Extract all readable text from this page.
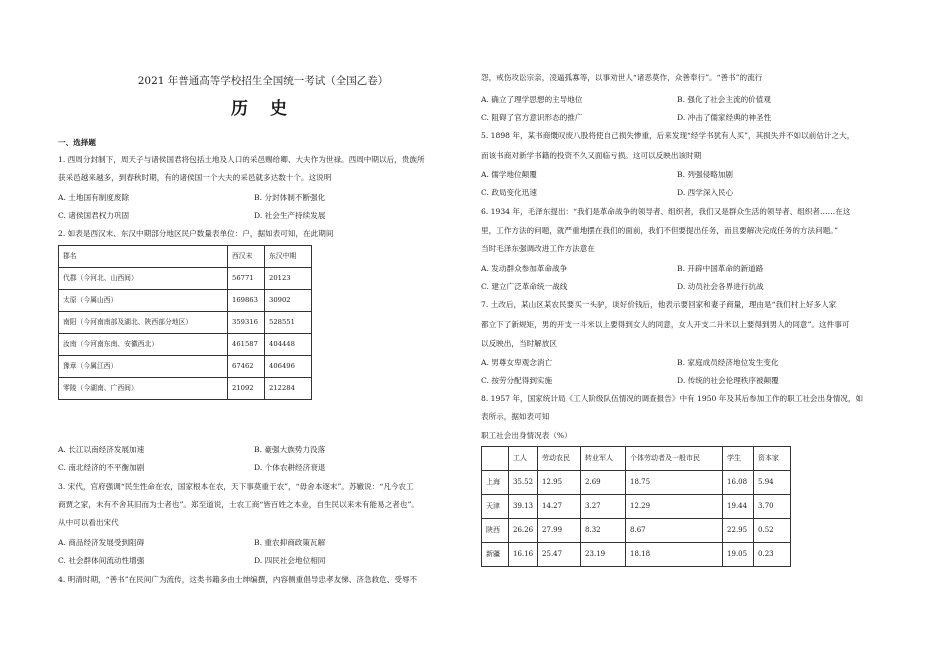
2021 年普通高等学校招生全国统一考试（全国乙卷）
历 史
一、选择题
1. 西周分封制下，周天子与诸侯国君将包括土地及人口的采邑赐给卿、大夫作为世禄。西周中期以后，贵族所
获采邑越来越多，到春秋时期，有的诸侯国一个大夫的采邑就多达数十个。这说明
A. 土地国有制度废除	B. 分封体制不断强化
C. 诸侯国君权力巩固	D. 社会生产持续发展
2. 如表是西汉末、东汉中期部分地区民户数量表单位：户，据如表可知，在此期间
郡名	西汉末	东汉中期
代郡（今河北、山西间）	56771	20123
太原（今属山西）	169863	30902
南阳（今河南南部及湖北、陕西部分地区）	359316	528551
汝南（今河南东南、安徽西北）	461587	404448
豫章（今属江西）	67462	406496
零陵（今湖南、广西间）	21092	212284
A. 长江以南经济发展加速	B. 豪强大族势力没落
C. 南北经济的不平衡加剧	D. 个体农耕经济衰退
3. 宋代，官府强调“民生性命在农，国家根本在农，天下事莫重于农”，“毋舍本逐末”。苏辙说：“凡今农工
商贾之家，未有不舍其旧而为士者也”。郑至道说，士农工商“皆百姓之本业，自生民以来未有能易之者也”。
从中可以看出宋代
A. 商品经济发展受到阻碍	B. 重农抑商政策瓦解
C. 社会群体间流动性增强	D. 四民社会地位相同
4. 明清时期，“善书”在民间广为流传，这类书籍多由士绅编撰，内容侧重倡导忠孝友悌、济急救危、受辱不
怨，戒伤攻讼宗亲，凌逼孤寡等，以事劝世人“诸恶莫作，众善奉行”。“善书”的流行
A. 确立了理学思想的主导地位	B. 强化了社会主流的价值观
C. 阻碍了官方意识形态的推广	D. 冲击了儒家经典的神圣性
5. 1898 年，某书商慨叹废八股将使自己损失惨重，后来发现“经学书犹有人买”，其损失并不如以前估计之大，
而该书商对新学书籍的投资不久又面临亏损。这可以反映出该时期
A. 儒学地位颠覆	B. 列强侵略加剧
C. 政局变化迅速	D. 西学深入民心
6. 1934 年，毛泽东提出：“我们是革命战争的领导者、组织者，我们又是群众生活的领导者、组织者……在这
里，工作方法的问题，就严重地摆在我们的面前，我们不但要提出任务，而且要解决完成任务的方法问题。”
当时毛泽东强调改进工作方法意在
A. 发动群众参加革命战争	B. 开辟中国革命的新道路
C. 建立广泛革命统一战线	D. 动员社会各界进行抗战
7. 土改后，某山区某农民要买一头驴，谈好价钱后，他表示要回家和妻子商量，理由是“我们村上好多人家
都立下了新规矩，男的开支一斗米以上要得到女人的同意，女人开支二升米以上要得到男人的同意”。这件事可
以反映出，当时解放区
A. 男尊女卑观念消亡	B. 家庭成员经济地位发生变化
C. 按劳分配得到实施	D. 传统的社会伦理秩序被颠覆
8. 1957 年，国家统计局《工人阶级队伍情况的调查报告》中有 1950 年及其后参加工作的职工社会出身情况，如
表所示，据如表可知
职工社会出身情况表（%）
	工人	劳动农民	转业军人	个体劳动者及一般市民	学生	资本家
上海	35.52	12.95	2.69	18.75	16.08	5.94
天津	39.13	14.27	3.27	12.29	19.44	3.70
陕西	26.26	27.99	8.32	8.67	22.95	0.52
新疆	16.16	25.47	23.19	18.18	19.05	0.23
